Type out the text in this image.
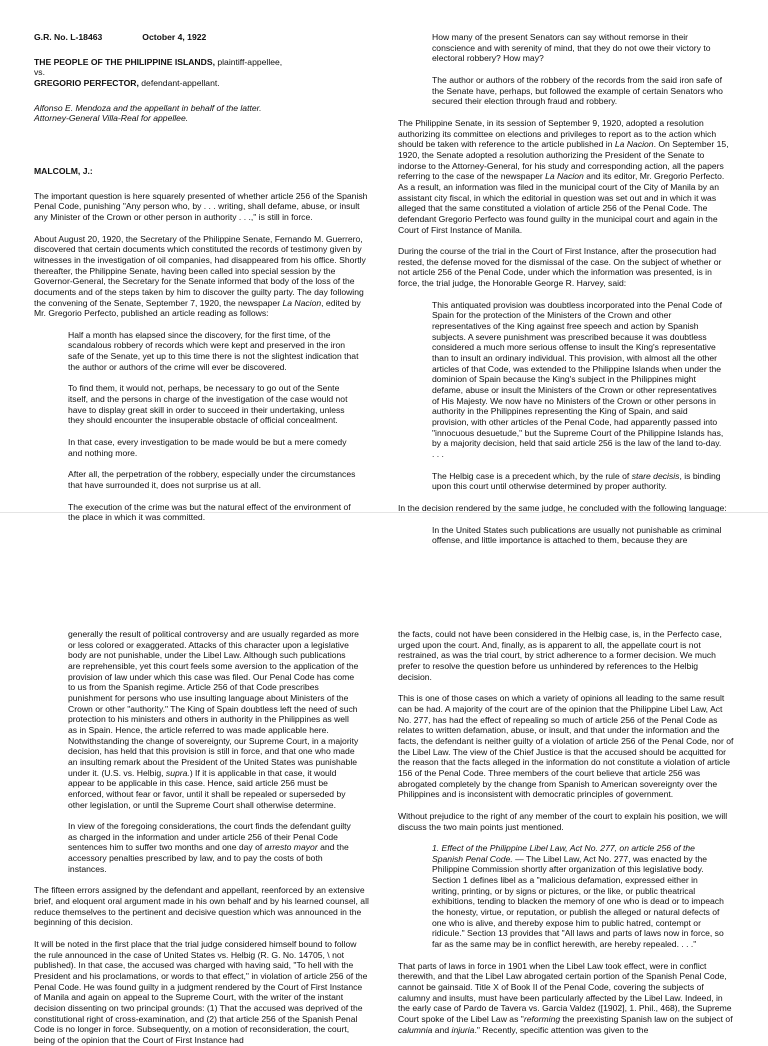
G.R. No. L-18463	October 4, 1922

THE PEOPLE OF THE PHILIPPINE ISLANDS, plaintiff-appellee,

vs.

GREGORIO PERFECTOR, defendant-appellant.

Alfonso E. Mendoza and the appellant in behalf of the latter.
Attorney-General Villa-Real for appellee.

MALCOLM, J.:

The important question is here squarely presented of whether article 256 of the Spanish Penal Code, punishing "Any person who, by . . . writing, shall defame, abuse, or insult any Minister of the Crown or other person in authority . . .," is still in force.

About August 20, 1920, the Secretary of the Philippine Senate, Fernando M. Guerrero, discovered that certain documents which constituted the records of testimony given by witnesses in the investigation of oil companies, had disappeared from his office. Shortly thereafter, the Philippine Senate, having been called into special session by the Governor-General, the Secretary for the Senate informed that body of the loss of the documents and of the steps taken by him to discover the guilty party. The day following the convening of the Senate, September 7, 1920, the newspaper La Nacion, edited by Mr. Gregorio Perfecto, published an article reading as follows:

Half a month has elapsed since the discovery, for the first time, of the scandalous robbery of records which were kept and preserved in the iron safe of the Senate, yet up to this time there is not the slightest indication that the author or authors of the crime will ever be discovered.

To find them, it would not, perhaps, be necessary to go out of the Sente itself, and the persons in charge of the investigation of the case would not have to display great skill in order to succeed in their undertaking, unless they should encounter the insuperable obstacle of official concealment.

In that case, every investigation to be made would be but a mere comedy and nothing more.

After all, the perpetration of the robbery, especially under the circumstances that have surrounded it, does not surprise us at all.

The execution of the crime was but the natural effect of the environment of the place in which it was committed.

How many of the present Senators can say without remorse in their conscience and with serenity of mind, that they do not owe their victory to electoral robbery? How may?

The author or authors of the robbery of the records from the said iron safe of the Senate have, perhaps, but followed the example of certain Senators who secured their election through fraud and robbery.

The Philippine Senate, in its session of September 9, 1920, adopted a resolution authorizing its committee on elections and privileges to report as to the action which should be taken with reference to the article published in La Nacion. On September 15, 1920, the Senate adopted a resolution authorizing the President of the Senate to indorse to the Attorney-General, for his study and corresponding action, all the papers referring to the case of the newspaper La Nacion and its editor, Mr. Gregorio Perfecto. As a result, an information was filed in the municipal court of the City of Manila by an assistant city fiscal, in which the editorial in question was set out and in which it was alleged that the same constituted a violation of article 256 of the Penal Code. The defendant Gregorio Perfecto was found guilty in the municipal court and again in the Court of First Instance of Manila.

During the course of the trial in the Court of First Instance, after the prosecution had rested, the defense moved for the dismissal of the case. On the subject of whether or not article 256 of the Penal Code, under which the information was presented, is in force, the trial judge, the Honorable George R. Harvey, said:

This antiquated provision was doubtless incorporated into the Penal Code of Spain for the protection of the Ministers of the Crown and other representatives of the King against free speech and action by Spanish subjects. A severe punishment was prescribed because it was doubtless considered a much more serious offense to insult the King's representative than to insult an ordinary individual. This provision, with almost all the other articles of that Code, was extended to the Philippine Islands when under the dominion of Spain because the King's subject in the Philippines might defame, abuse or insult the Ministers of the Crown or other representatives of His Majesty. We now have no Ministers of the Crown or other persons in authority in the Philippines representing the King of Spain, and said provision, with other articles of the Penal Code, had apparently passed into "innocuous desuetude," but the Supreme Court of the Philippine Islands has, by a majority decision, held that said article 256 is the law of the land to-day. . . .

The Helbig case is a precedent which, by the rule of stare decisis, is binding upon this court until otherwise determined by proper authority.

In the decision rendered by the same judge, he concluded with the following language:

In the United States such publications are usually not punishable as criminal offense, and little importance is attached to them, because they are

generally the result of political controversy and are usually regarded as more or less colored or exaggerated. Attacks of this character upon a legislative body are not punishable, under the Libel Law. Although such publications are reprehensible, yet this court feels some aversion to the application of the provision of law under which this case was filed. Our Penal Code has come to us from the Spanish regime. Article 256 of that Code prescribes punishment for persons who use insulting language about Ministers of the Crown or other "authority." The King of Spain doubtless left the need of such protection to his ministers and others in authority in the Philippines as well as in Spain. Hence, the article referred to was made applicable here. Notwithstanding the change of sovereignty, our Supreme Court, in a majority decision, has held that this provision is still in force, and that one who made an insulting remark about the President of the United States was punishable under it. (U.S. vs. Helbig, supra.) If it is applicable in that case, it would appear to be applicable in this case. Hence, said article 256 must be enforced, without fear or favor, until it shall be repealed or superseded by other legislation, or until the Supreme Court shall otherwise determine.

In view of the foregoing considerations, the court finds the defendant guilty as charged in the information and under article 256 of their Penal Code sentences him to suffer two months and one day of arresto mayor and the accessory penalties prescribed by law, and to pay the costs of both instances.

The fifteen errors assigned by the defendant and appellant, reenforced by an extensive brief, and eloquent oral argument made in his own behalf and by his learned counsel, all reduce themselves to the pertinent and decisive question which was announced in the beginning of this decision.

It will be noted in the first place that the trial judge considered himself bound to follow the rule announced in the case of United States vs. Helbig (R. G. No. 14705, \ not published). In that case, the accused was charged with having said, "To hell with the President and his proclamations, or words to that effect," in violation of article 256 of the Penal Code. He was found guilty in a judgment rendered by the Court of First Instance of Manila and again on appeal to the Supreme Court, with the writer of the instant decision dissenting on two principal grounds: (1) That the accused was deprived of the constitutional right of cross-examination, and (2) that article 256 of the Spanish Penal Code is no longer in force. Subsequently, on a motion of reconsideration, the court, being of the opinion that the Court of First Instance had

the facts, could not have been considered in the Helbig case, is, in the Perfecto case, urged upon the court. And, finally, as is apparent to all, the appellate court is not restrained, as was the trial court, by strict adherence to a former decision. We much prefer to resolve the question before us unhindered by references to the Helbig decision.

This is one of those cases on which a variety of opinions all leading to the same result can be had. A majority of the court are of the opinion that the Philippine Libel Law, Act No. 277, has had the effect of repealing so much of article 256 of the Penal Code as relates to written defamation, abuse, or insult, and that under the information and the facts, the defendant is neither guilty of a violation of article 256 of the Penal Code, nor of the Libel Law. The view of the Chief Justice is that the accused should be acquitted for the reason that the facts alleged in the information do not constitute a violation of article 156 of the Penal Code. Three members of the court believe that article 256 was abrogated completely by the change from Spanish to American sovereignty over the Philippines and is inconsistent with democratic principles of government.

Without prejudice to the right of any member of the court to explain his position, we will discuss the two main points just mentioned.

1. Effect of the Philippine Libel Law, Act No. 277, on article 256 of the Spanish Penal Code. — The Libel Law, Act No. 277, was enacted by the Philippine Commission shortly after organization of this legislative body. Section 1 defines libel as a "malicious defamation, expressed either in writing, printing, or by signs or pictures, or the like, or public theatrical exhibitions, tending to blacken the memory of one who is dead or to impeach the honesty, virtue, or reputation, or publish the alleged or natural defects of one who is alive, and thereby expose him to public hatred, contempt or ridicule." Section 13 provides that "All laws and parts of laws now in force, so far as the same may be in conflict herewith, are hereby repealed. . . ."

That parts of laws in force in 1901 when the Libel Law took effect, were in conflict therewith, and that the Libel Law abrogated certain portion of the Spanish Penal Code, cannot be gainsaid. Title X of Book II of the Penal Code, covering the subjects of calumny and insults, must have been particularly affected by the Libel Law. Indeed, in the early case of Pardo de Tavera vs. Garcia Valdez ([1902], 1. Phil., 468), the Supreme Court spoke of the Libel Law as "reforming the preexisting Spanish law on the subject of calumnia and injuria." Recently, specific attention was given to the
